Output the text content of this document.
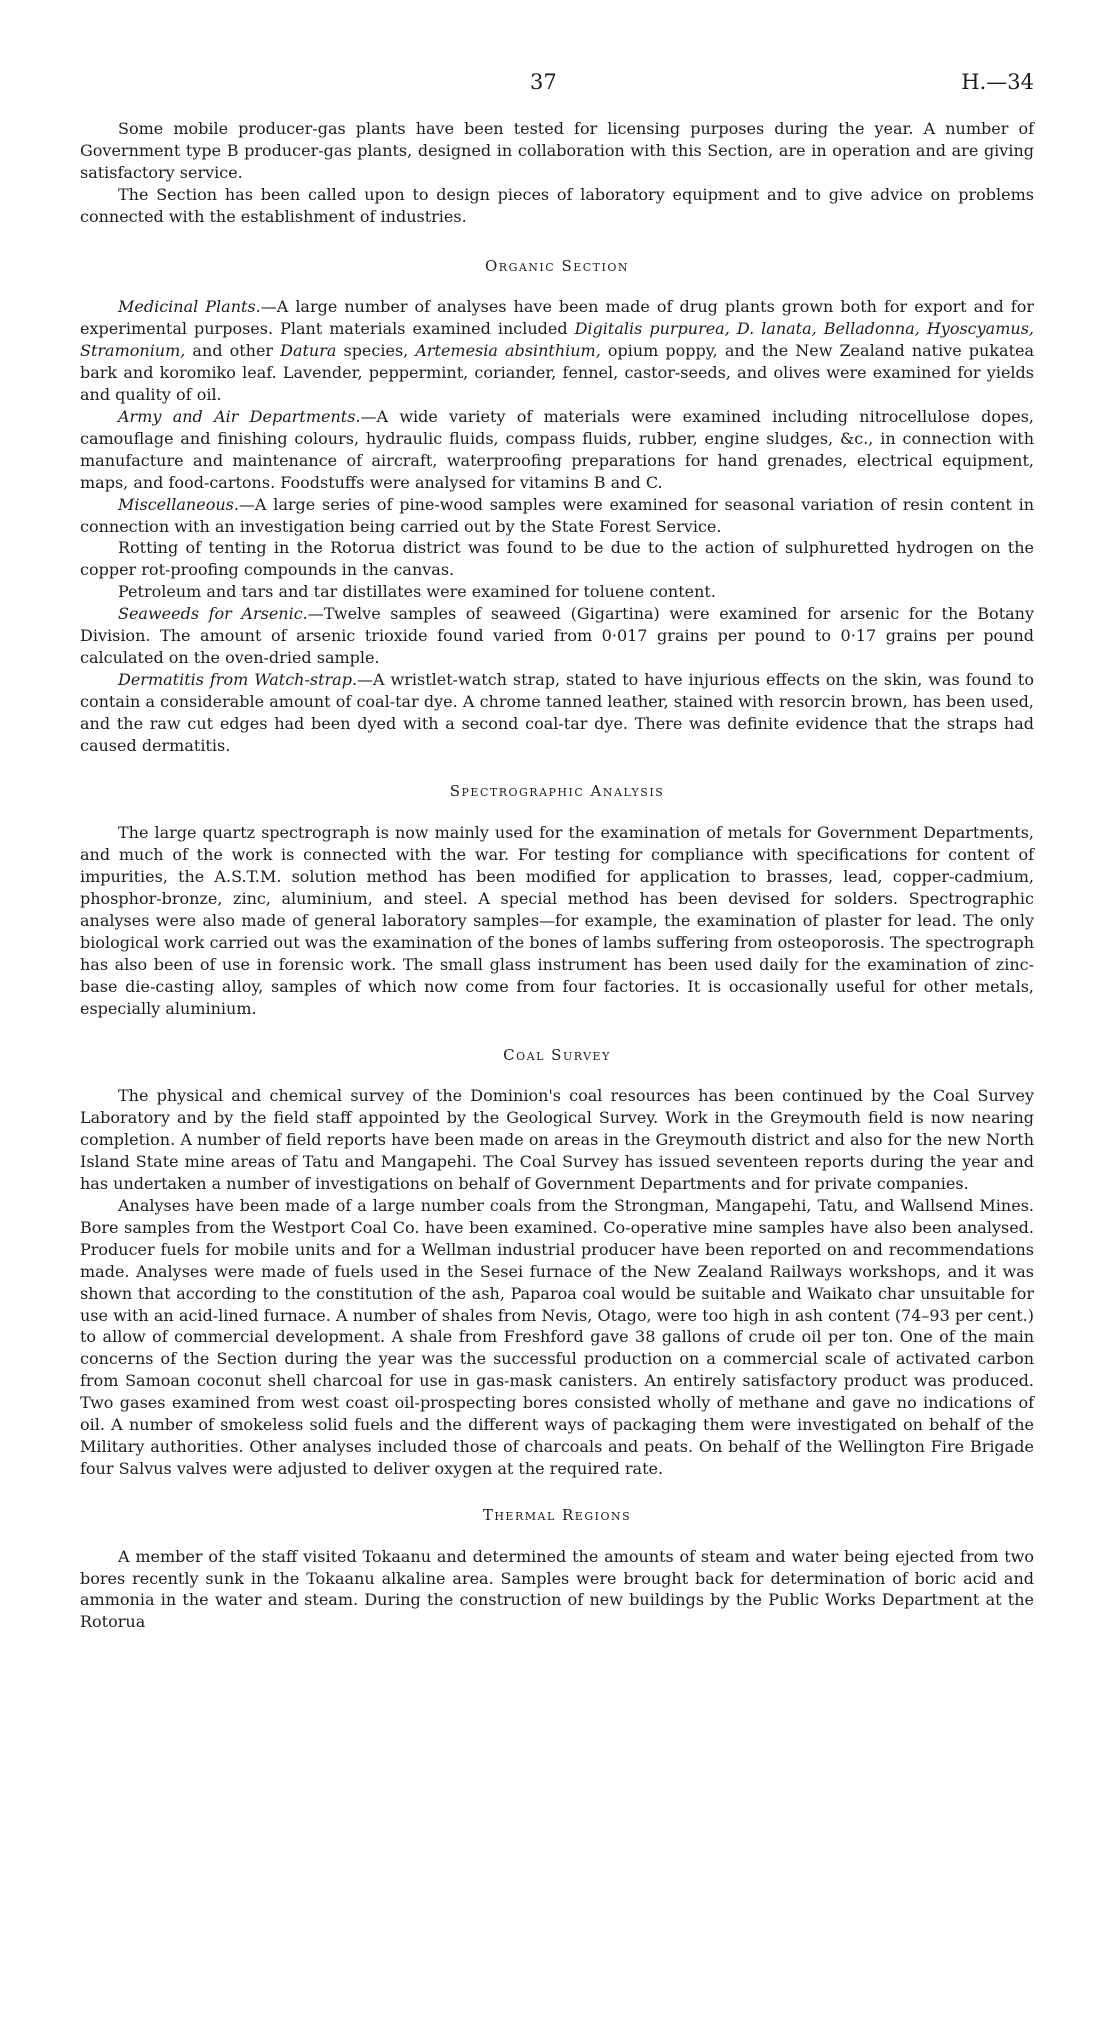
37	H.—34

Some mobile producer-gas plants have been tested for licensing purposes during the year. A number of Government type B producer-gas plants, designed in collaboration with this Section, are in operation and are giving satisfactory service.

The Section has been called upon to design pieces of laboratory equipment and to give advice on problems connected with the establishment of industries.

Organic Section

Medicinal Plants.—A large number of analyses have been made of drug plants grown both for export and for experimental purposes. Plant materials examined included Digitalis purpurea, D. lanata, Belladonna, Hyoscyamus, Stramonium, and other Datura species, Artemesia absinthium, opium poppy, and the New Zealand native pukatea bark and koromiko leaf. Lavender, peppermint, coriander, fennel, castor-seeds, and olives were examined for yields and quality of oil.

Army and Air Departments.—A wide variety of materials were examined including nitrocellulose dopes, camouflage and finishing colours, hydraulic fluids, compass fluids, rubber, engine sludges, &c., in connection with manufacture and maintenance of aircraft, waterproofing preparations for hand grenades, electrical equipment, maps, and food-cartons. Foodstuffs were analysed for vitamins B and C.

Miscellaneous.—A large series of pine-wood samples were examined for seasonal variation of resin content in connection with an investigation being carried out by the State Forest Service.

Rotting of tenting in the Rotorua district was found to be due to the action of sulphuretted hydrogen on the copper rot-proofing compounds in the canvas.

Petroleum and tars and tar distillates were examined for toluene content.

Seaweeds for Arsenic.—Twelve samples of seaweed (Gigartina) were examined for arsenic for the Botany Division. The amount of arsenic trioxide found varied from 0·017 grains per pound to 0·17 grains per pound calculated on the oven-dried sample.

Dermatitis from Watch-strap.—A wristlet-watch strap, stated to have injurious effects on the skin, was found to contain a considerable amount of coal-tar dye. A chrome tanned leather, stained with resorcin brown, has been used, and the raw cut edges had been dyed with a second coal-tar dye. There was definite evidence that the straps had caused dermatitis.

Spectrographic Analysis

The large quartz spectrograph is now mainly used for the examination of metals for Government Departments, and much of the work is connected with the war. For testing for compliance with specifications for content of impurities, the A.S.T.M. solution method has been modified for application to brasses, lead, copper-cadmium, phosphor-bronze, zinc, aluminium, and steel. A special method has been devised for solders. Spectrographic analyses were also made of general laboratory samples—for example, the examination of plaster for lead. The only biological work carried out was the examination of the bones of lambs suffering from osteoporosis. The spectrograph has also been of use in forensic work. The small glass instrument has been used daily for the examination of zinc-base die-casting alloy, samples of which now come from four factories. It is occasionally useful for other metals, especially aluminium.

Coal Survey

The physical and chemical survey of the Dominion's coal resources has been continued by the Coal Survey Laboratory and by the field staff appointed by the Geological Survey. Work in the Greymouth field is now nearing completion. A number of field reports have been made on areas in the Greymouth district and also for the new North Island State mine areas of Tatu and Mangapehi. The Coal Survey has issued seventeen reports during the year and has undertaken a number of investigations on behalf of Government Departments and for private companies.

Analyses have been made of a large number coals from the Strongman, Mangapehi, Tatu, and Wallsend Mines. Bore samples from the Westport Coal Co. have been examined. Co-operative mine samples have also been analysed. Producer fuels for mobile units and for a Wellman industrial producer have been reported on and recommendations made. Analyses were made of fuels used in the Sesei furnace of the New Zealand Railways workshops, and it was shown that according to the constitution of the ash, Paparoa coal would be suitable and Waikato char unsuitable for use with an acid-lined furnace. A number of shales from Nevis, Otago, were too high in ash content (74–93 per cent.) to allow of commercial development. A shale from Freshford gave 38 gallons of crude oil per ton. One of the main concerns of the Section during the year was the successful production on a commercial scale of activated carbon from Samoan coconut shell charcoal for use in gas-mask canisters. An entirely satisfactory product was produced. Two gases examined from west coast oil-prospecting bores consisted wholly of methane and gave no indications of oil. A number of smokeless solid fuels and the different ways of packaging them were investigated on behalf of the Military authorities. Other analyses included those of charcoals and peats. On behalf of the Wellington Fire Brigade four Salvus valves were adjusted to deliver oxygen at the required rate.

Thermal Regions

A member of the staff visited Tokaanu and determined the amounts of steam and water being ejected from two bores recently sunk in the Tokaanu alkaline area. Samples were brought back for determination of boric acid and ammonia in the water and steam. During the construction of new buildings by the Public Works Department at the Rotorua
